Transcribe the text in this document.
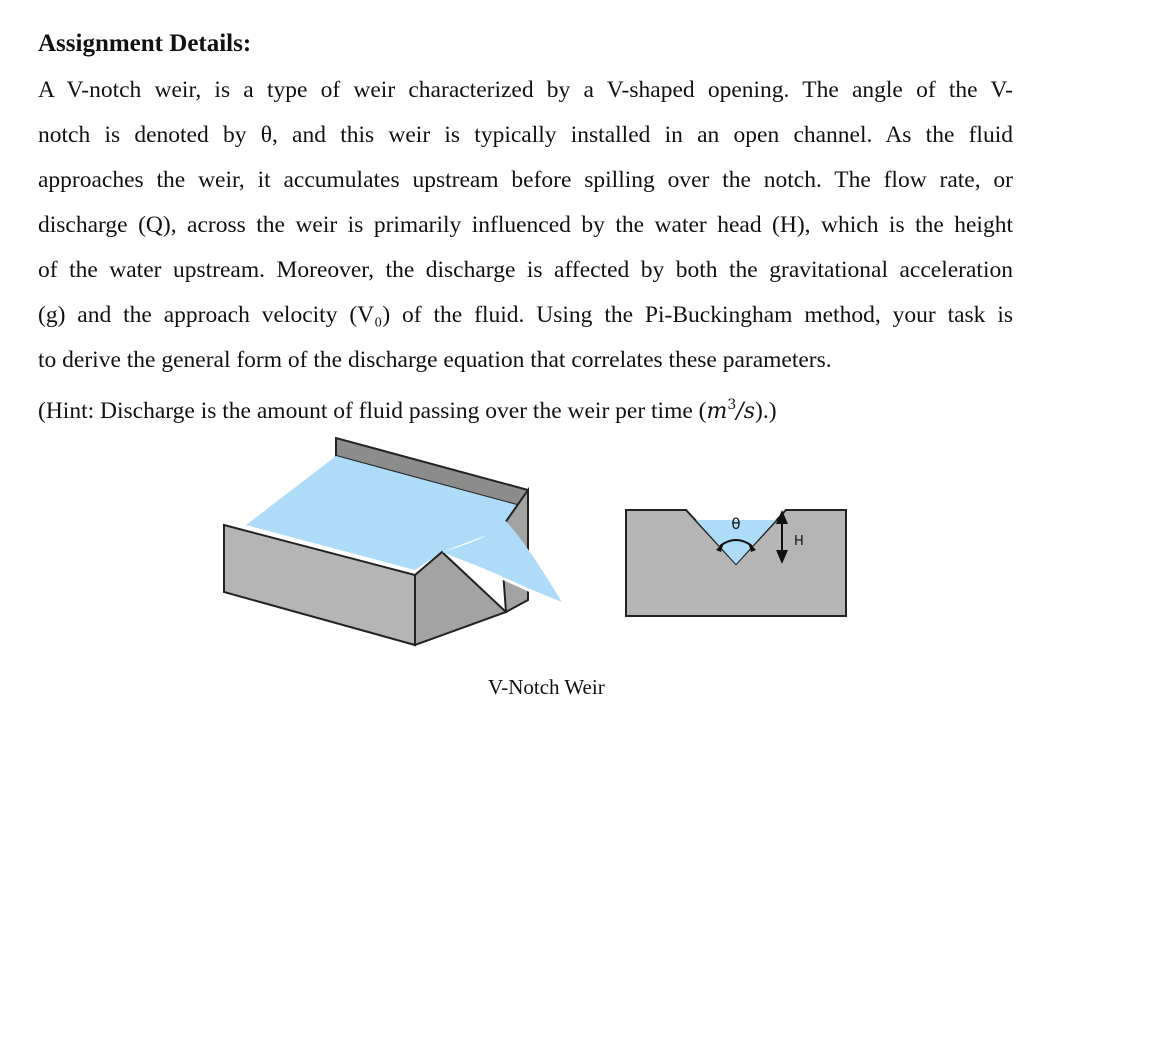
Assignment Details:
A V-notch weir, is a type of weir characterized by a V-shaped opening. The angle of the V-
notch is denoted by θ, and this weir is typically installed in an open channel. As the fluid
approaches the weir, it accumulates upstream before spilling over the notch. The flow rate, or
discharge (Q), across the weir is primarily influenced by the water head (H), which is the height
of the water upstream. Moreover, the discharge is affected by both the gravitational acceleration
(g) and the approach velocity (V₀) of the fluid. Using the Pi-Buckingham method, your task is
to derive the general form of the discharge equation that correlates these parameters.

(Hint: Discharge is the amount of fluid passing over the weir per time $(m^3/s)$.)

θ
H

V-Notch Weir
